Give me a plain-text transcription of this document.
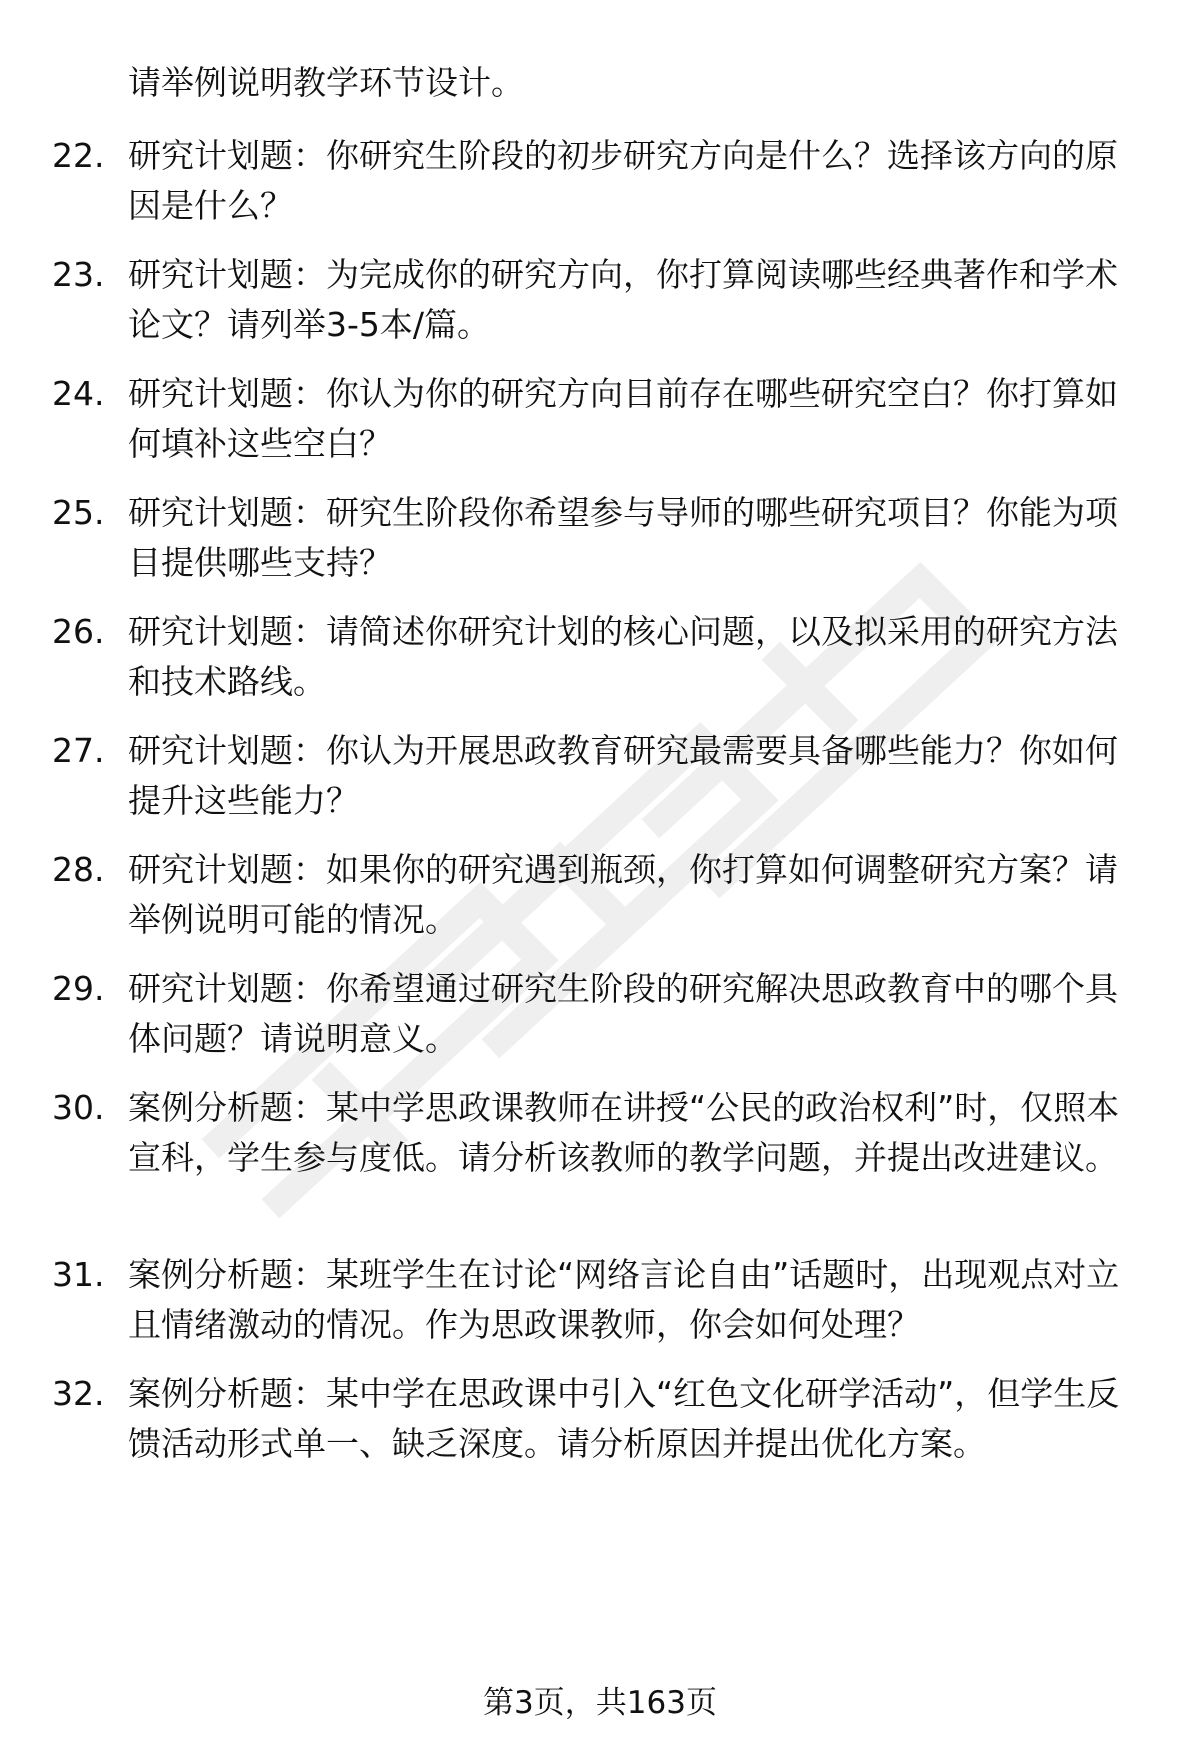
请举例说明教学环节设计。
22. 研究计划题：你研究生阶段的初步研究方向是什么？选择该方向的原因是什么？
23. 研究计划题：为完成你的研究方向，你打算阅读哪些经典著作和学术论文？请列举3-5本/篇。
24. 研究计划题：你认为你的研究方向目前存在哪些研究空白？你打算如何填补这些空白？
25. 研究计划题：研究生阶段你希望参与导师的哪些研究项目？你能为项目提供哪些支持？
26. 研究计划题：请简述你研究计划的核心问题，以及拟采用的研究方法和技术路线。
27. 研究计划题：你认为开展思政教育研究最需要具备哪些能力？你如何提升这些能力？
28. 研究计划题：如果你的研究遇到瓶颈，你打算如何调整研究方案？请举例说明可能的情况。
29. 研究计划题：你希望通过研究生阶段的研究解决思政教育中的哪个具体问题？请说明意义。
30. 案例分析题：某中学思政课教师在讲授“公民的政治权利”时，仅照本宣科，学生参与度低。请分析该教师的教学问题，并提出改进建议。
31. 案例分析题：某班学生在讨论“网络言论自由”话题时，出现观点对立且情绪激动的情况。作为思政课教师，你会如何处理？
32. 案例分析题：某中学在思政课中引入“红色文化研学活动”，但学生反馈活动形式单一、缺乏深度。请分析原因并提出优化方案。
第3页，共163页
